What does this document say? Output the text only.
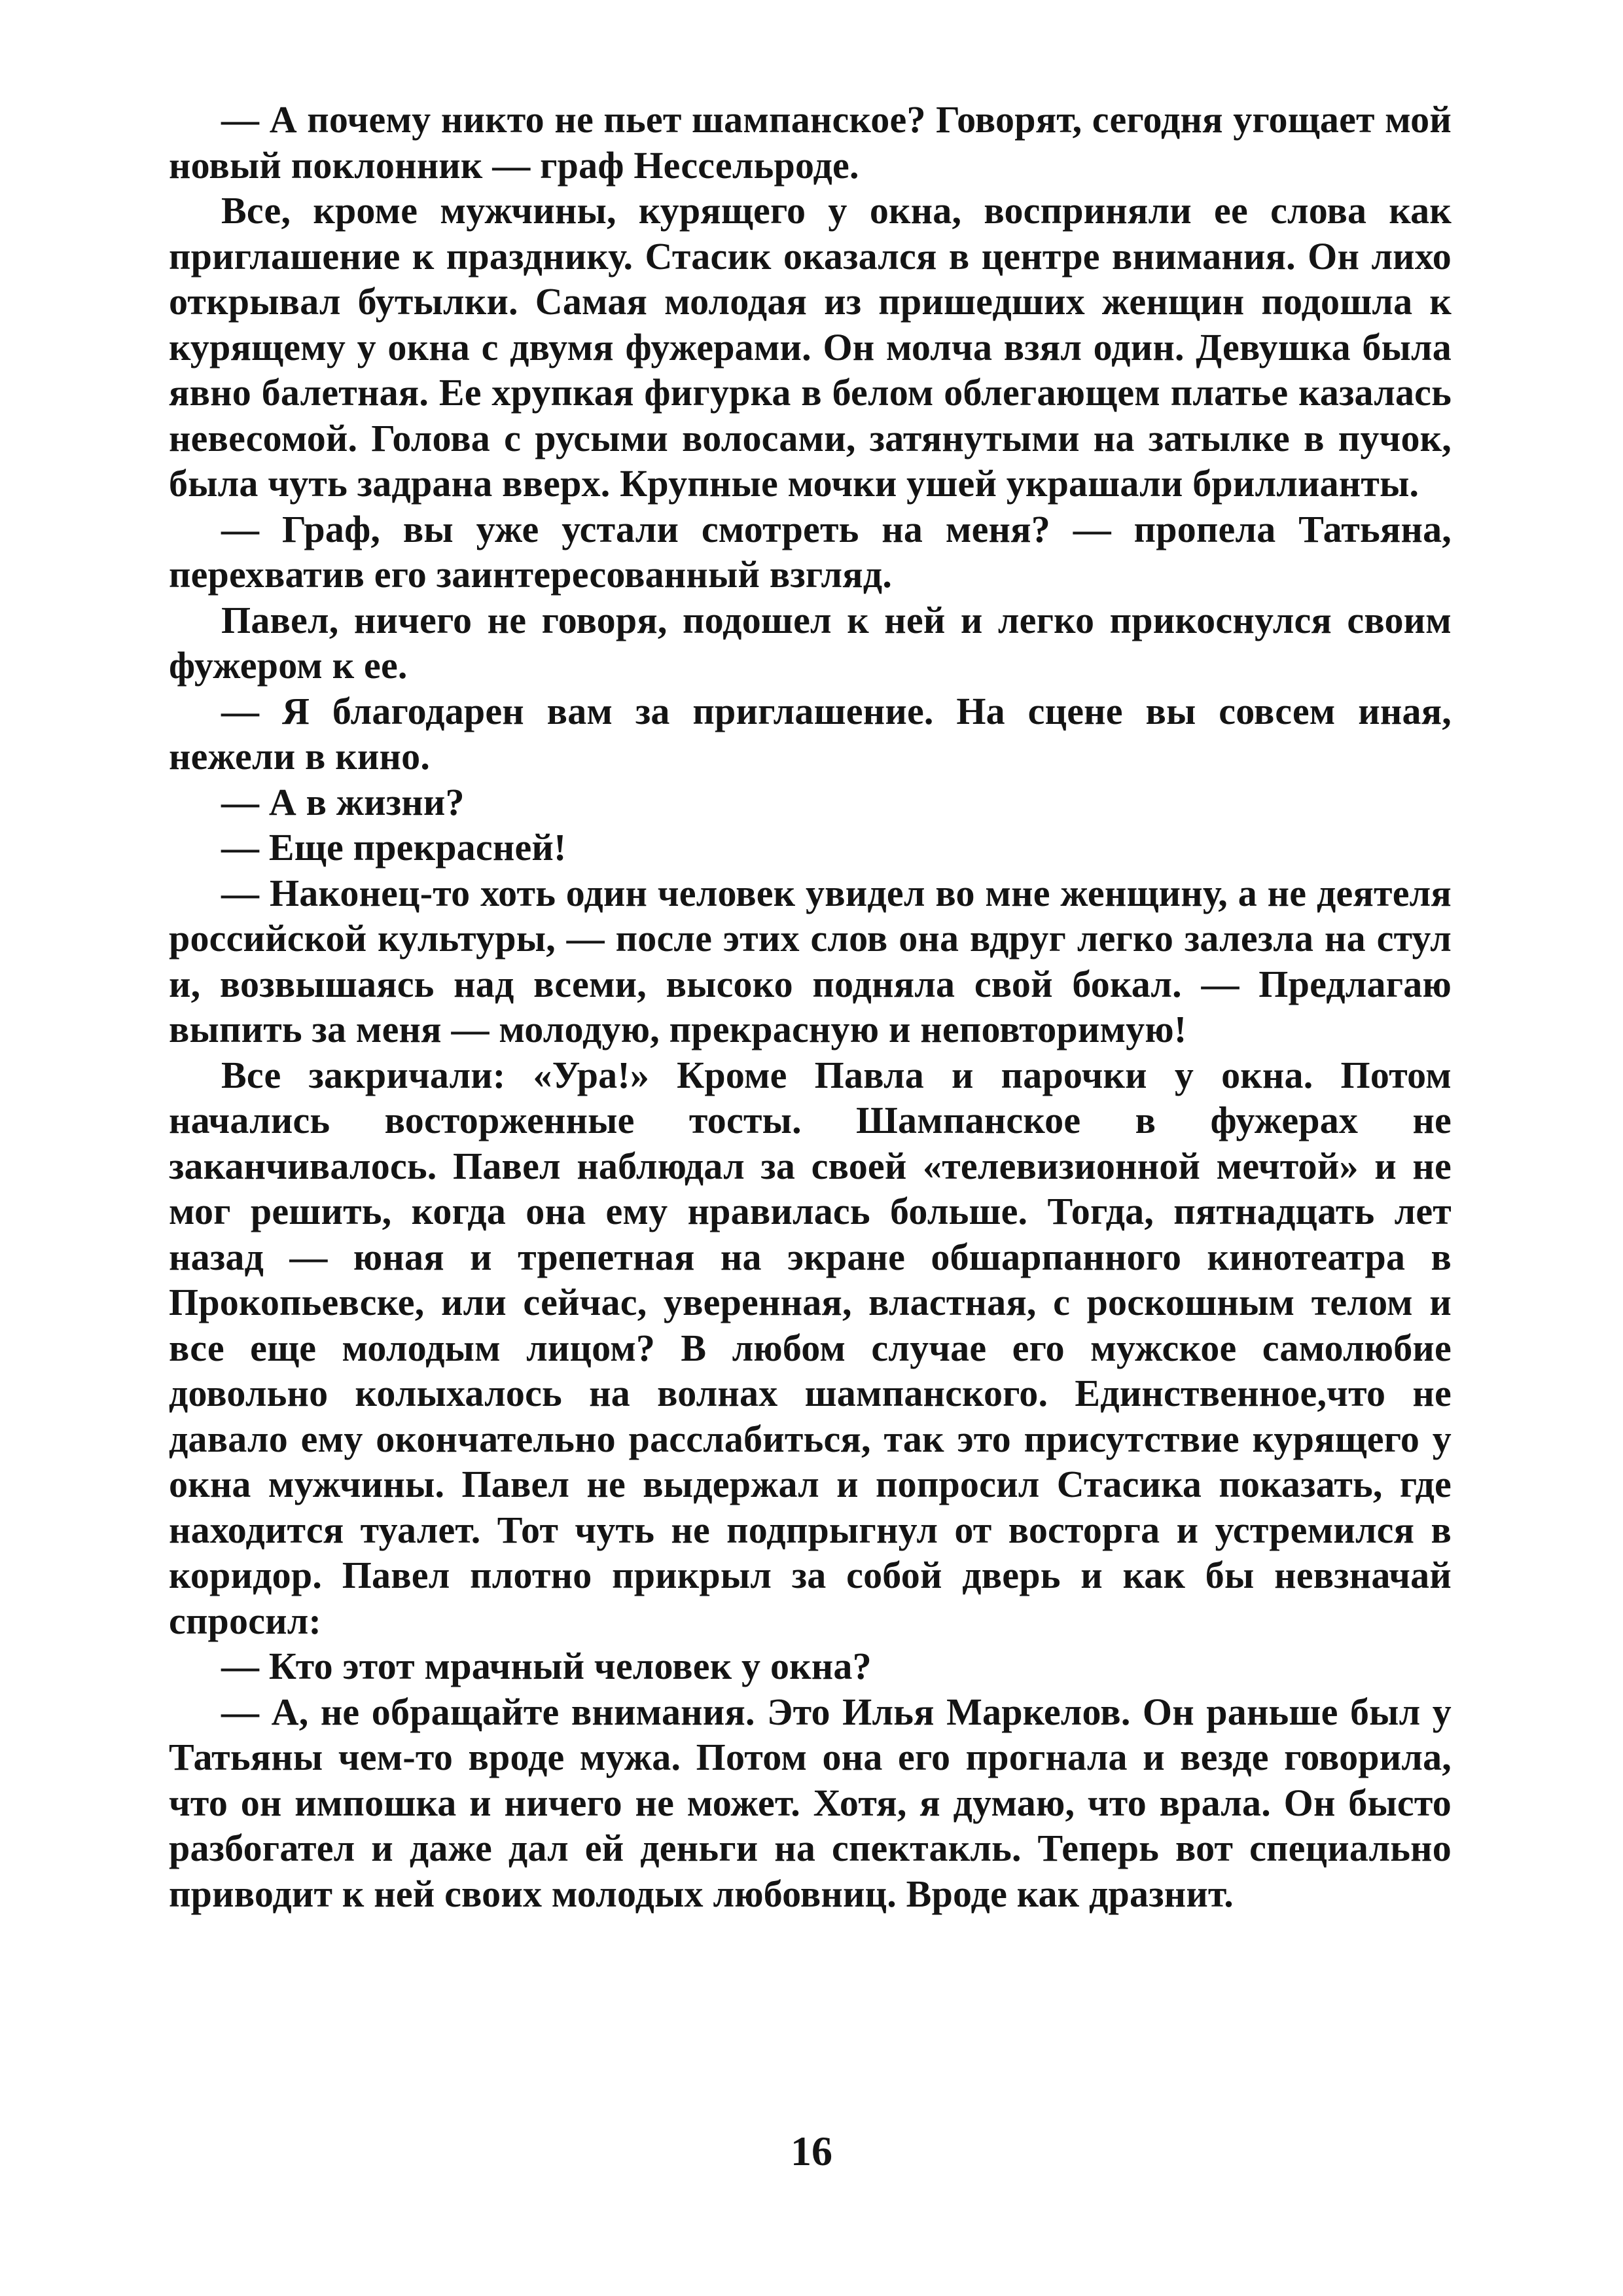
— А почему никто не пьет шампанское? Говорят, сегодня угощает мой новый поклонник — граф Нессельроде.

Все, кроме мужчины, курящего у окна, восприняли ее слова как приглашение к празднику. Стасик оказался в центре внимания. Он лихо открывал бутылки. Самая молодая из пришедших женщин подошла к курящему у окна с двумя фужерами. Он молча взял один. Девушка была явно балетная. Ее хрупкая фигурка в белом облегающем платье казалась невесомой. Голова с русыми волосами, затянутыми на затылке в пучок, была чуть задрана вверх. Крупные мочки ушей украшали бриллианты.

— Граф, вы уже устали смотреть на меня? — пропела Татьяна, перехватив его заинтересованный взгляд.

Павел, ничего не говоря, подошел к ней и легко прикоснулся своим фужером к ее.

— Я благодарен вам за приглашение. На сцене вы совсем иная, нежели в кино.

— А в жизни?

— Еще прекрасней!

— Наконец-то хоть один человек увидел во мне женщину, а не деятеля российской культуры, — после этих слов она вдруг легко залезла на стул и, возвышаясь над всеми, высоко подняла свой бокал. — Предлагаю выпить за меня — молодую, прекрасную и неповторимую!

Все закричали: «Ура!» Кроме Павла и парочки у окна. Потом начались восторженные тосты. Шампанское в фужерах не заканчивалось. Павел наблюдал за своей «телевизионной мечтой» и не мог решить, когда она ему нравилась больше. Тогда, пятнадцать лет назад — юная и трепетная на экране обшарпанного кинотеатра в Прокопьевске, или сейчас, уверенная, властная, с роскошным телом и все еще молодым лицом? В любом случае его мужское самолюбие довольно колыхалось на волнах шампанского. Единственное,что не давало ему окончательно расслабиться, так это присутствие курящего у окна мужчины. Павел не выдержал и попросил Стасика показать, где находится туалет. Тот чуть не подпрыгнул от восторга и устремился в коридор. Павел плотно прикрыл за собой дверь и как бы невзначай спросил:

— Кто этот мрачный человек у окна?

— А, не обращайте внимания. Это Илья Маркелов. Он раньше был у Татьяны чем-то вроде мужа. Потом она его прогнала и везде говорила, что он импошка и ничего не может. Хотя, я думаю, что врала. Он бысто разбогател и даже дал ей деньги на спектакль. Теперь вот специально приводит к ней своих молодых любовниц. Вроде как дразнит.

16
